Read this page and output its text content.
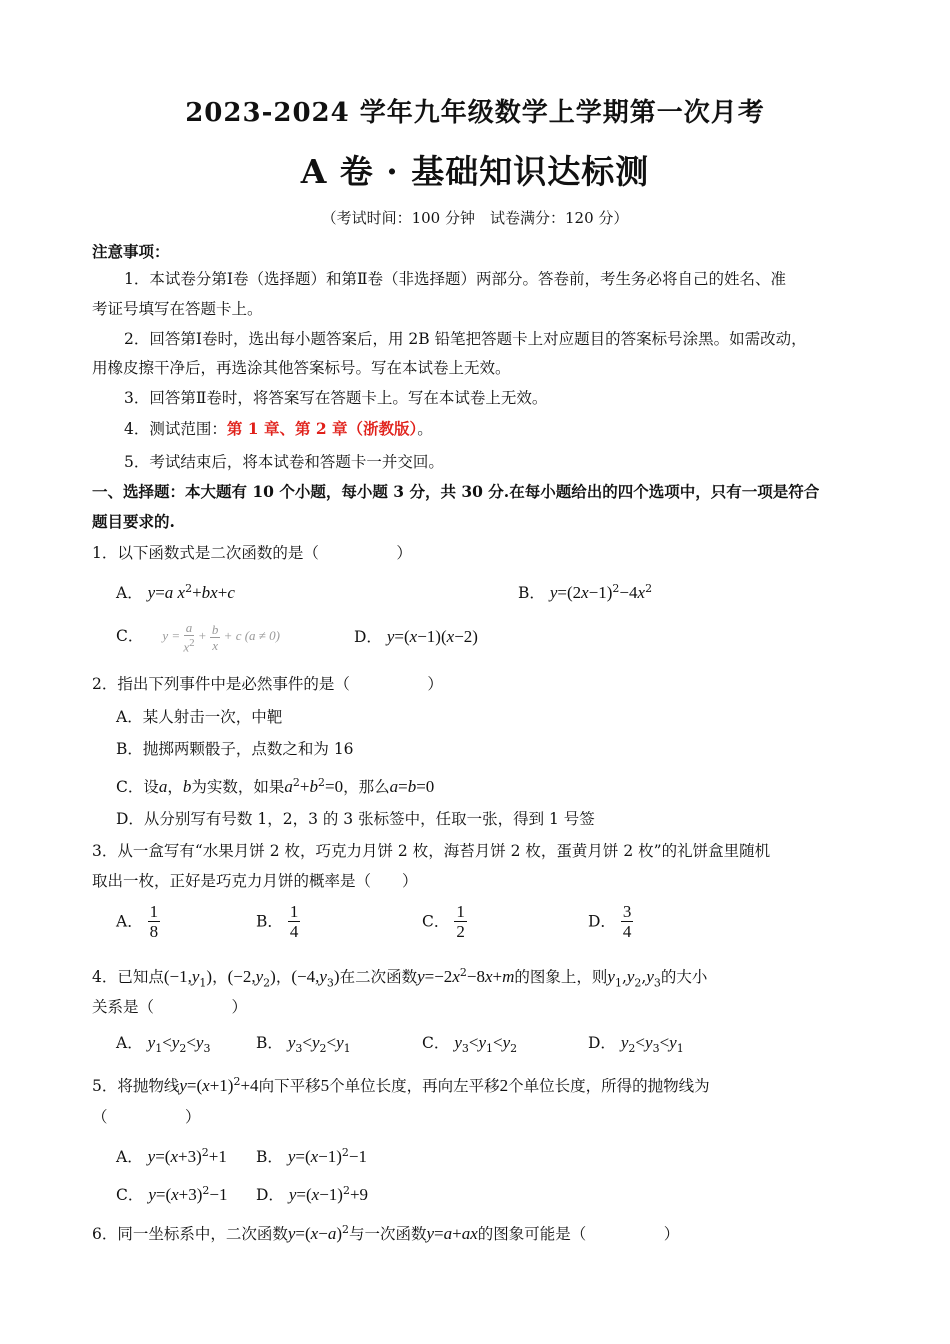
2023-2024 学年九年级数学上学期第一次月考
A 卷 · 基础知识达标测
（考试时间：100 分钟　试卷满分：120 分）
注意事项：
1．本试卷分第Ⅰ卷（选择题）和第Ⅱ卷（非选择题）两部分。答卷前，考生务必将自己的姓名、准
考证号填写在答题卡上。
2．回答第Ⅰ卷时，选出每小题答案后，用 2B 铅笔把答题卡上对应题目的答案标号涂黑。如需改动，
用橡皮擦干净后，再选涂其他答案标号。写在本试卷上无效。
3．回答第Ⅱ卷时，将答案写在答题卡上。写在本试卷上无效。
4．测试范围：第 1 章、第 2 章（浙教版）。
5．考试结束后，将本试卷和答题卡一并交回。
一、选择题：本大题有 10 个小题，每小题 3 分，共 30 分.在每小题给出的四个选项中，只有一项是符合
题目要求的.
1．以下函数式是二次函数的是（　　　　　）
A． y=a $x^2+bx+c$	B． $y=(2x-1)^2-4x^2$
C． $y = \frac{a}{x^2} + \frac{b}{x} + c$ (a ≠ 0)	D． y=(x−1)(x−2)
2．指出下列事件中是必然事件的是（　　　　　）
A．某人射击一次，中靶
B．抛掷两颗骰子，点数之和为 16
C．设a，b为实数，如果$a^2+b^2=0$，那么a=b=0
D．从分别写有号数 1，2，3 的 3 张标签中，任取一张，得到 1 号签
3．从一盒写有“水果月饼 2 枚，巧克力月饼 2 枚，海苔月饼 2 枚，蛋黄月饼 2 枚”的礼饼盒里随机
取出一枚，正好是巧克力月饼的概率是（　　）
A． $\frac{1}{8}$	B． $\frac{1}{4}$	C． $\frac{1}{2}$	D． $\frac{3}{4}$
4．已知点$(-1,y_1)$，$(-2,y_2)$，$(-4,y_3)$在二次函数$y=-2x^2-8x+m$的图象上，则$y_1,y_2,y_3$的大小
关系是（　　　　　）
A． $y_1<y_2<y_3$	B． $y_3<y_2<y_1$	C． $y_3<y_1<y_2$	D． $y_2<y_3<y_1$
5．将抛物线$y=(x+1)^2+4$向下平移5个单位长度，再向左平移2个单位长度，所得的抛物线为
（　　　　　）
A． $y=(x+3)^2+1$ B． $y=(x-1)^2-1$
C． $y=(x+3)^2-1$ D． $y=(x-1)^2+9$
6．同一坐标系中，二次函数$y=(x-a)^2$与一次函数y=a+ax的图象可能是（　　　　　）
